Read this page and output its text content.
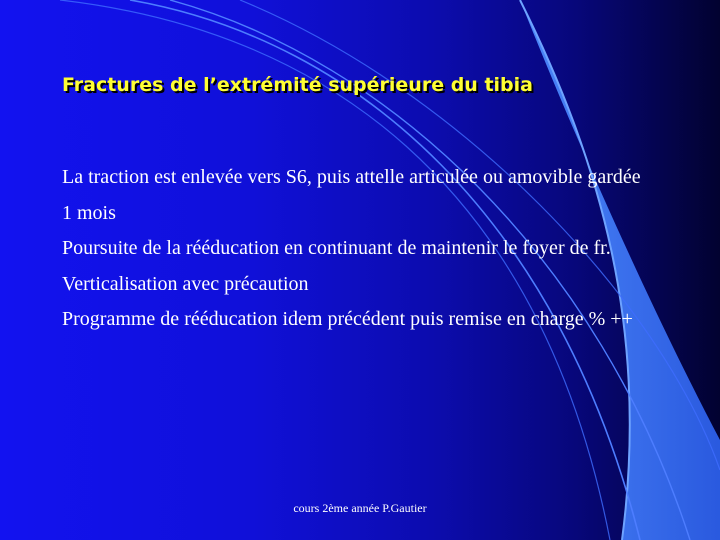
Fractures de l’extrémité supérieure du tibia
La traction est enlevée vers S6, puis attelle articulée ou amovible gardée 1 mois
Poursuite de la rééducation en continuant de maintenir le foyer de fr.
Verticalisation avec précaution
Programme de rééducation idem précédent puis remise en charge % ++
cours 2ème année P.Gautier
